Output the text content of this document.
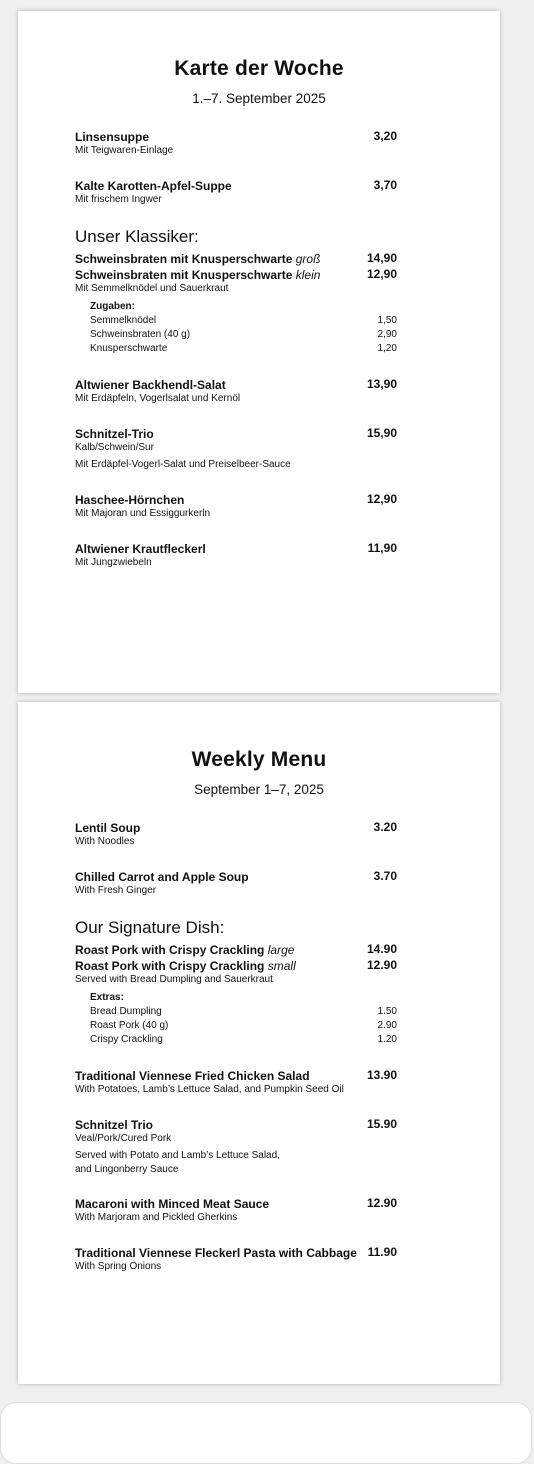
Karte der Woche
1.–7. September 2025
Linsensuppe	3,20
Mit Teigwaren-Einlage
Kalte Karotten-Apfel-Suppe	3,70
Mit frischem Ingwer
Unser Klassiker:
Schweinsbraten mit Knusperschwarte groß	14,90
Schweinsbraten mit Knusperschwarte klein	12,90
Mit Semmelknödel und Sauerkraut
Zugaben:
Semmelknödel	1,50
Schweinsbraten (40 g)	2,90
Knusperschwarte	1,20
Altwiener Backhendl-Salat	13,90
Mit Erdäpfeln, Vogerlsalat und Kernöl
Schnitzel-Trio	15,90
Kalb/Schwein/Sur
Mit Erdäpfel-Vogerl-Salat und Preiselbeer-Sauce
Haschee-Hörnchen	12,90
Mit Majoran und Essiggurkerln
Altwiener Krautfleckerl	11,90
Mit Jungzwiebeln
Weekly Menu
September 1–7, 2025
Lentil Soup	3.20
With Noodles
Chilled Carrot and Apple Soup	3.70
With Fresh Ginger
Our Signature Dish:
Roast Pork with Crispy Crackling large	14.90
Roast Pork with Crispy Crackling small	12.90
Served with Bread Dumpling and Sauerkraut
Extras:
Bread Dumpling	1.50
Roast Pork (40 g)	2.90
Crispy Crackling	1.20
Traditional Viennese Fried Chicken Salad	13.90
With Potatoes, Lamb’s Lettuce Salad, and Pumpkin Seed Oil
Schnitzel Trio	15.90
Veal/Pork/Cured Pork
Served with Potato and Lamb’s Lettuce Salad,
and Lingonberry Sauce
Macaroni with Minced Meat Sauce	12.90
With Marjoram and Pickled Gherkins
Traditional Viennese Fleckerl Pasta with Cabbage 11.90
With Spring Onions
